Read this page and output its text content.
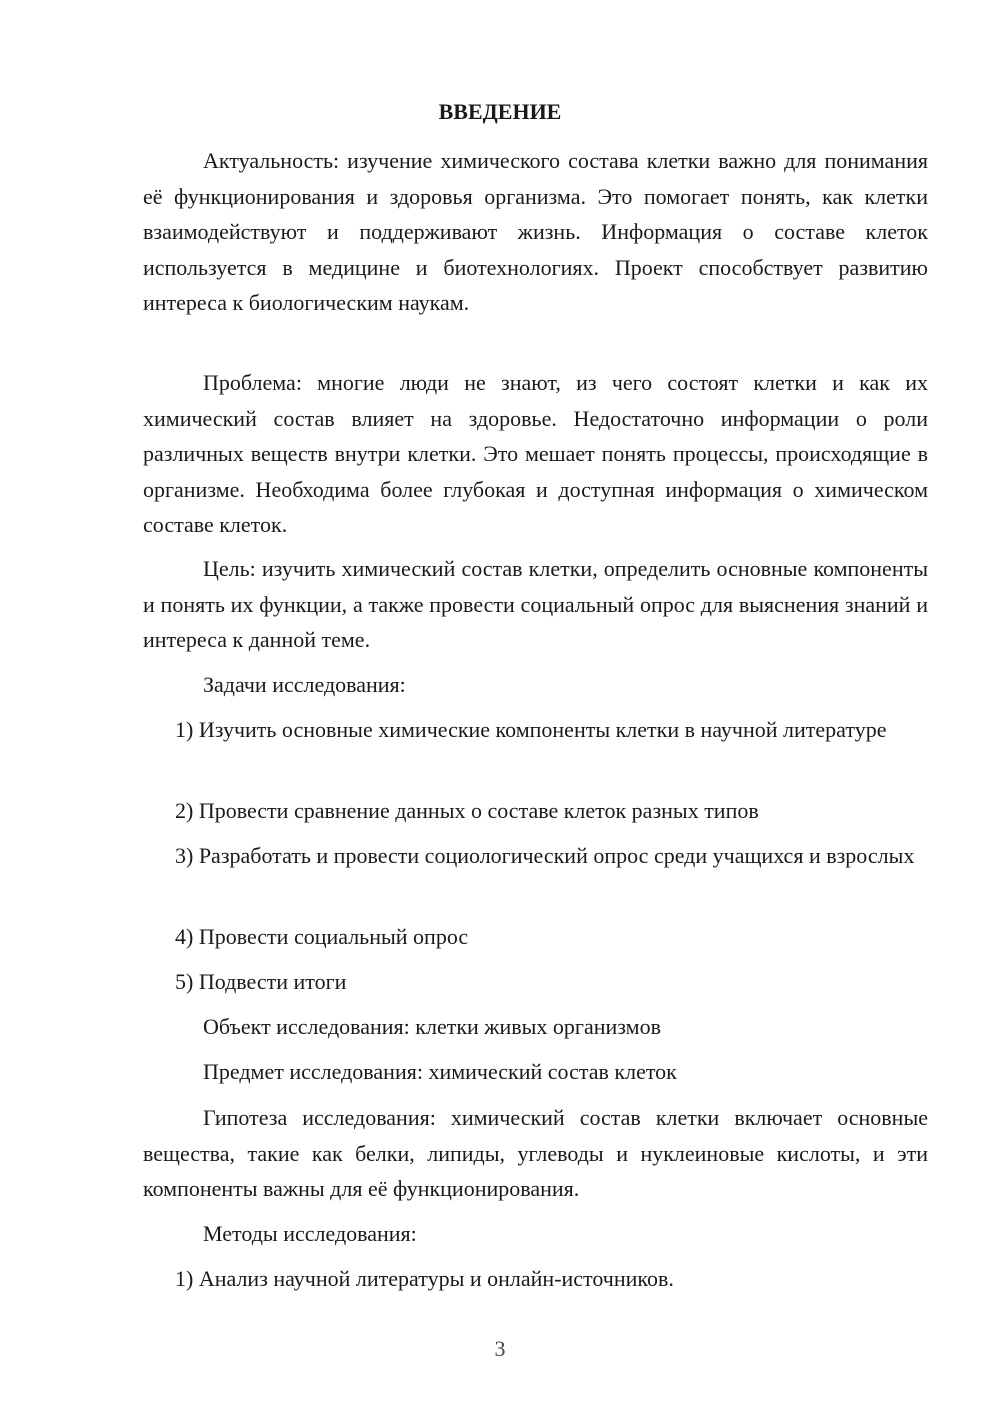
ВВЕДЕНИЕ

Актуальность: изучение химического состава клетки важно для понимания её функционирования и здоровья организма. Это помогает понять, как клетки взаимодействуют и поддерживают жизнь. Информация о составе клеток используется в медицине и биотехнологиях. Проект способствует развитию интереса к биологическим наукам.

Проблема: многие люди не знают, из чего состоят клетки и как их химический состав влияет на здоровье. Недостаточно информации о роли различных веществ внутри клетки. Это мешает понять процессы, происходящие в организме. Необходима более глубокая и доступная информация о химическом составе клеток.

Цель: изучить химический состав клетки, определить основные компоненты и понять их функции, а также провести социальный опрос для выяснения знаний и интереса к данной теме.

Задачи исследования:

1) Изучить основные химические компоненты клетки в научной литературе

2) Провести сравнение данных о составе клеток разных типов

3) Разработать и провести социологический опрос среди учащихся и взрослых

4) Провести социальный опрос

5) Подвести итоги

Объект исследования: клетки живых организмов

Предмет исследования: химический состав клеток

Гипотеза исследования: химический состав клетки включает основные вещества, такие как белки, липиды, углеводы и нуклеиновые кислоты, и эти компоненты важны для её функционирования.

Методы исследования:

1) Анализ научной литературы и онлайн-источников.

3
